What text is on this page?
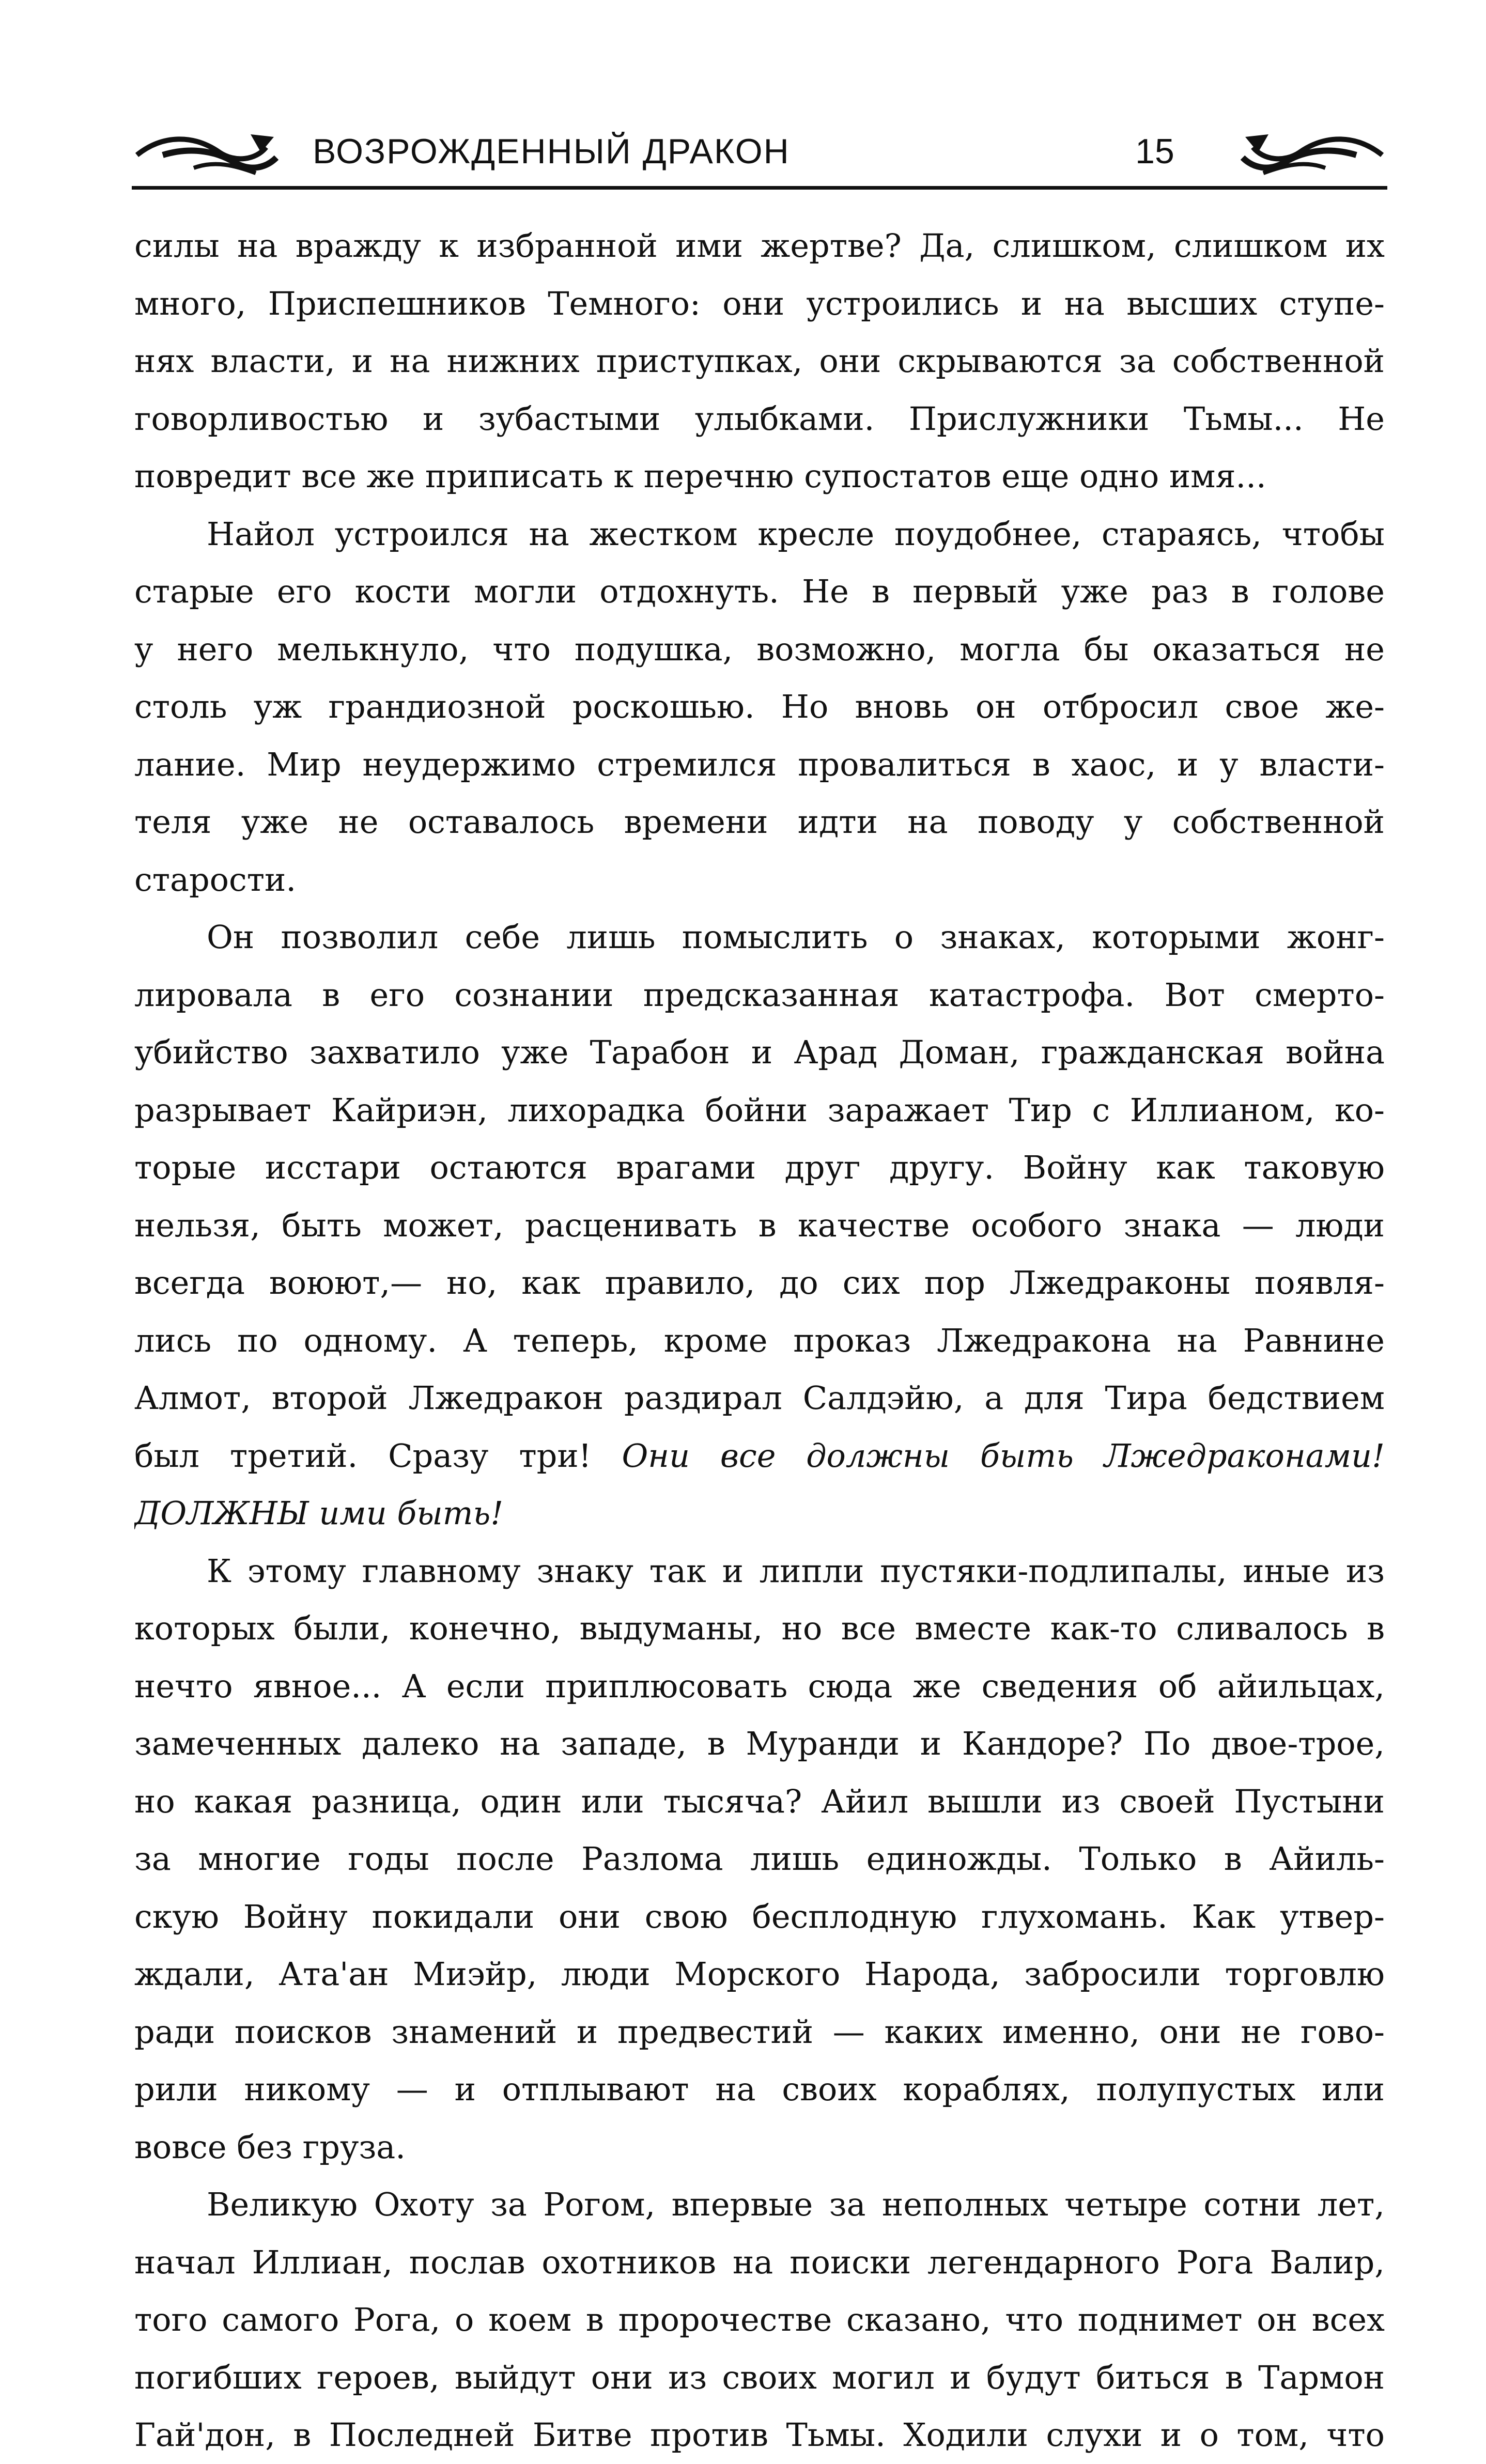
ВОЗРОЖДЕННЫЙ ДРАКОН	15
силы на вражду к избранной ими жертве? Да, слишком, слишком их
много, Приспешников Темного: они устроились и на высших ступе-
нях власти, и на нижних приступках, они скрываются за собственной
говорливостью и зубастыми улыбками. Прислужники Тьмы... Не
повредит все же приписать к перечню супостатов еще одно имя...
Найол устроился на жестком кресле поудобнее, стараясь, чтобы
старые его кости могли отдохнуть. Не в первый уже раз в голове
у него мелькнуло, что подушка, возможно, могла бы оказаться не
столь уж грандиозной роскошью. Но вновь он отбросил свое же-
лание. Мир неудержимо стремился провалиться в хаос, и у власти-
теля уже не оставалось времени идти на поводу у собственной
старости.
Он позволил себе лишь помыслить о знаках, которыми жонг-
лировала в его сознании предсказанная катастрофа. Вот смерто-
убийство захватило уже Тарабон и Арад Доман, гражданская война
разрывает Кайриэн, лихорадка бойни заражает Тир с Иллианом, ко-
торые исстари остаются врагами друг другу. Войну как таковую
нельзя, быть может, расценивать в качестве особого знака — люди
всегда воюют,— но, как правило, до сих пор Лжедраконы появля-
лись по одному. А теперь, кроме проказ Лжедракона на Равнине
Алмот, второй Лжедракон раздирал Салдэйю, а для Тира бедствием
был третий. Сразу три! Они все должны быть Лжедраконами!
ДОЛЖНЫ ими быть!
К этому главному знаку так и липли пустяки-подлипалы, иные из
которых были, конечно, выдуманы, но все вместе как-то сливалось в
нечто явное... А если приплюсовать сюда же сведения об айильцах,
замеченных далеко на западе, в Муранди и Кандоре? По двое-трое,
но какая разница, один или тысяча? Айил вышли из своей Пустыни
за многие годы после Разлома лишь единожды. Только в Айиль-
скую Войну покидали они свою бесплодную глухомань. Как утвер-
ждали, Ата'ан Миэйр, люди Морского Народа, забросили торговлю
ради поисков знамений и предвестий — каких именно, они не гово-
рили никому — и отплывают на своих кораблях, полупустых или
вовсе без груза.
Великую Охоту за Рогом, впервые за неполных четыре сотни лет,
начал Иллиан, послав охотников на поиски легендарного Рога Валир,
того самого Рога, о коем в пророчестве сказано, что поднимет он всех
погибших героев, выйдут они из своих могил и будут биться в Тармон
Гай'дон, в Последней Битве против Тьмы. Ходили слухи и о том, что
